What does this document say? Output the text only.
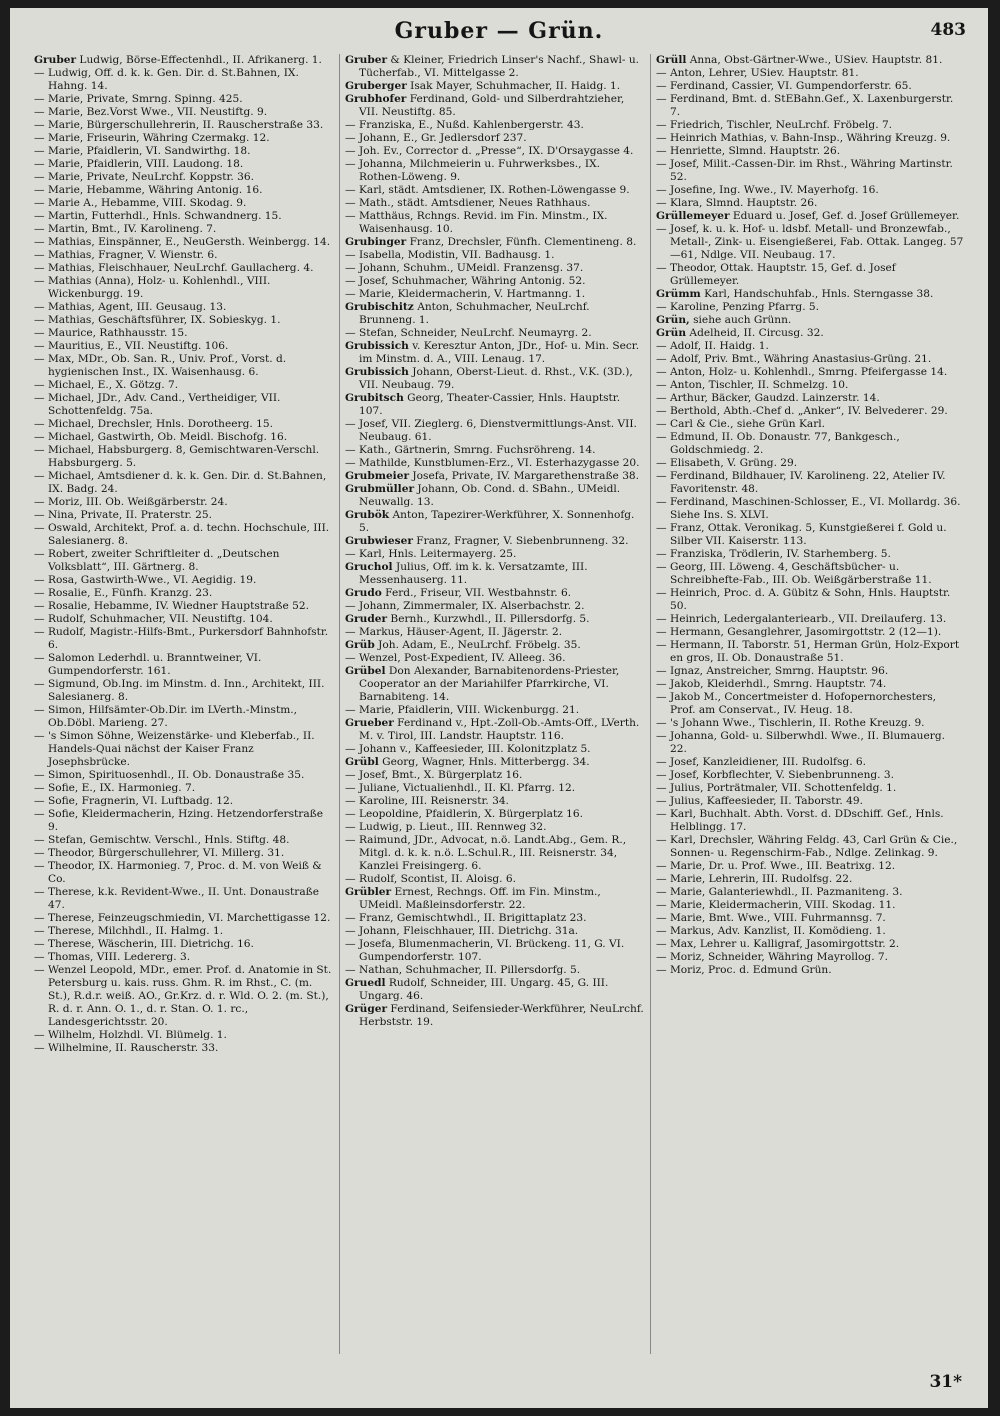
Gruber — Grün.	483

Gruber Ludwig, Börse-Effectenhdl., II. Afrikanerg. 1.

— Ludwig, Off. d. k. k. Gen. Dir. d. St.Bahnen, IX. Hahng. 14.

— Marie, Private, Smrng. Spinng. 425.

— Marie, Bez.Vorst Wwe., VII. Neustiftg. 9.

— Marie, Bürgerschullehrerin, II. Rauscherstraße 33.

— Marie, Friseurin, Währing Czermakg. 12.

— Marie, Pfaidlerin, VI. Sandwirthg. 18.

— Marie, Pfaidlerin, VIII. Laudong. 18.

— Marie, Private, NeuLrchf. Koppstr. 36.

— Marie, Hebamme, Währing Antonig. 16.

— Marie A., Hebamme, VIII. Skodag. 9.

— Martin, Futterhdl., Hnls. Schwandnerg. 15.

— Martin, Bmt., IV. Karolineng. 7.

— Mathias, Einspänner, E., NeuGersth. Weinbergg. 14.

— Mathias, Fragner, V. Wienstr. 6.

— Mathias, Fleischhauer, NeuLrchf. Gaullacherg. 4.

— Mathias (Anna), Holz- u. Kohlenhdl., VIII. Wickenburgg. 19.

— Mathias, Agent, III. Geusaug. 13.

— Mathias, Geschäftsführer, IX. Sobieskyg. 1.

— Maurice, Rathhausstr. 15.

— Mauritius, E., VII. Neustiftg. 106.

— Max, MDr., Ob. San. R., Univ. Prof., Vorst. d. hygienischen Inst., IX. Waisenhausg. 6.

— Michael, E., X. Götzg. 7.

— Michael, JDr., Adv. Cand., Vertheidiger, VII. Schottenfeldg. 75a.

— Michael, Drechsler, Hnls. Dorotheerg. 15.

— Michael, Gastwirth, Ob. Meidl. Bischofg. 16.

— Michael, Habsburgerg. 8, Gemischtwaren-Verschl. Habsburgerg. 5.

— Michael, Amtsdiener d. k. k. Gen. Dir. d. St.Bahnen, IX. Badg. 24.

— Moriz, III. Ob. Weißgärberstr. 24.

— Nina, Private, II. Praterstr. 25.

— Oswald, Architekt, Prof. a. d. techn. Hochschule, III. Salesianerg. 8.

— Robert, zweiter Schriftleiter d. „Deutschen Volksblatt“, III. Gärtnerg. 8.

— Rosa, Gastwirth-Wwe., VI. Aegidig. 19.

— Rosalie, E., Fünfh. Kranzg. 23.

— Rosalie, Hebamme, IV. Wiedner Hauptstraße 52.

— Rudolf, Schuhmacher, VII. Neustiftg. 104.

— Rudolf, Magistr.-Hilfs-Bmt., Purkersdorf Bahnhofstr. 6.

— Salomon Lederhdl. u. Branntweiner, VI. Gumpendorferstr. 161.

— Sigmund, Ob.Ing. im Minstm. d. Inn., Architekt, III. Salesianerg. 8.

— Simon, Hilfsämter-Ob.Dir. im LVerth.-Minstm., Ob.Döbl. Marieng. 27.

— 's Simon Söhne, Weizenstärke- und Kleberfab., II. Handels-Quai nächst der Kaiser Franz Josephsbrücke.

— Simon, Spirituosenhdl., II. Ob. Donaustraße 35.

— Sofie, E., IX. Harmonieg. 7.

— Sofie, Fragnerin, VI. Luftbadg. 12.

— Sofie, Kleidermacherin, Hzing. Hetzendorferstraße 9.

— Stefan, Gemischtw. Verschl., Hnls. Stiftg. 48.

— Theodor, Bürgerschullehrer, VI. Millerg. 31.

— Theodor, IX. Harmonieg. 7, Proc. d. M. von Weiß & Co.

— Therese, k.k. Revident-Wwe., II. Unt. Donaustraße 47.

— Therese, Feinzeugschmiedin, VI. Marchettigasse 12.

— Therese, Milchhdl., II. Halmg. 1.

— Therese, Wäscherin, III. Dietrichg. 16.

— Thomas, VIII. Ledererg. 3.

— Wenzel Leopold, MDr., emer. Prof. d. Anatomie in St. Petersburg u. kais. russ. Ghm. R. im Rhst., C. (m. St.), R.d.r. weiß. AO., Gr.Krz. d. r. Wld. O. 2. (m. St.), R. d. r. Ann. O. 1., d. r. Stan. O. 1. rc., Landesgerichtsstr. 20.

— Wilhelm, Holzhdl. VI. Blümelg. 1.

— Wilhelmine, II. Rauscherstr. 33.

Gruber & Kleiner, Friedrich Linser's Nachf., Shawl- u. Tücherfab., VI. Mittelgasse 2.

Gruberger Isak Mayer, Schuhmacher, II. Haidg. 1.

Grubhofer Ferdinand, Gold- und Silberdrahtzieher, VII. Neustiftg. 85.

— Franziska, E., Nußd. Kahlenbergerstr. 43.

— Johann, E., Gr. Jedlersdorf 237.

— Joh. Ev., Corrector d. „Presse“, IX. D'Orsaygasse 4.

— Johanna, Milchmeierin u. Fuhrwerksbes., IX. Rothen-Löweng. 9.

— Karl, städt. Amtsdiener, IX. Rothen-Löwengasse 9.

— Math., städt. Amtsdiener, Neues Rathhaus.

— Matthäus, Rchngs. Revid. im Fin. Minstm., IX. Waisenhausg. 10.

Grubinger Franz, Drechsler, Fünfh. Clementineng. 8.

— Isabella, Modistin, VII. Badhausg. 1.

— Johann, Schuhm., UMeidl. Franzensg. 37.

— Josef, Schuhmacher, Währing Antonig. 52.

— Marie, Kleidermacherin, V. Hartmanng. 1.

Grubischitz Anton, Schuhmacher, NeuLrchf. Brunneng. 1.

— Stefan, Schneider, NeuLrchf. Neumayrg. 2.

Grubissich v. Keresztur Anton, JDr., Hof- u. Min. Secr. im Minstm. d. A., VIII. Lenaug. 17.

Grubissich Johann, Oberst-Lieut. d. Rhst., V.K. (3D.), VII. Neubaug. 79.

Grubitsch Georg, Theater-Cassier, Hnls. Hauptstr. 107.

— Josef, VII. Zieglerg. 6, Dienstvermittlungs-Anst. VII. Neubaug. 61.

— Kath., Gärtnerin, Smrng. Fuchsröhreng. 14.

— Mathilde, Kunstblumen-Erz., VI. Esterhazygasse 20.

Grubmeier Josefa, Private, IV. Margarethenstraße 38.

Grubmüller Johann, Ob. Cond. d. SBahn., UMeidl. Neuwallg. 13.

Grubök Anton, Tapezirer-Werkführer, X. Sonnenhofg. 5.

Grubwieser Franz, Fragner, V. Siebenbrunneng. 32.

— Karl, Hnls. Leitermayerg. 25.

Gruchol Julius, Off. im k. k. Versatzamte, III. Messenhauserg. 11.

Grudo Ferd., Friseur, VII. Westbahnstr. 6.

— Johann, Zimmermaler, IX. Alserbachstr. 2.

Gruder Bernh., Kurzwhdl., II. Pillersdorfg. 5.

— Markus, Häuser-Agent, II. Jägerstr. 2.

Grüb Joh. Adam, E., NeuLrchf. Fröbelg. 35.

— Wenzel, Post-Expedient, IV. Alleeg. 36.

Grübel Don Alexander, Barnabitenordens-Priester, Cooperator an der Mariahilfer Pfarrkirche, VI. Barnabiteng. 14.

— Marie, Pfaidlerin, VIII. Wickenburgg. 21.

Grueber Ferdinand v., Hpt.-Zoll-Ob.-Amts-Off., LVerth. M. v. Tirol, III. Landstr. Hauptstr. 116.

— Johann v., Kaffeesieder, III. Kolonitzplatz 5.

Grübl Georg, Wagner, Hnls. Mitterbergg. 34.

— Josef, Bmt., X. Bürgerplatz 16.

— Juliane, Victualienhdl., II. Kl. Pfarrg. 12.

— Karoline, III. Reisnerstr. 34.

— Leopoldine, Pfaidlerin, X. Bürgerplatz 16.

— Ludwig, p. Lieut., III. Rennweg 32.

— Raimund, JDr., Advocat, n.ö. Landt.Abg., Gem. R., Mitgl. d. k. k. n.ö. L.Schul.R., III. Reisnerstr. 34, Kanzlei Freisingerg. 6.

— Rudolf, Scontist, II. Aloisg. 6.

Grübler Ernest, Rechngs. Off. im Fin. Minstm., UMeidl. Maßleinsdorferstr. 22.

— Franz, Gemischtwhdl., II. Brigittaplatz 23.

— Johann, Fleischhauer, III. Dietrichg. 31a.

— Josefa, Blumenmacherin, VI. Brückeng. 11, G. VI. Gumpendorferstr. 107.

— Nathan, Schuhmacher, II. Pillersdorfg. 5.

Gruedl Rudolf, Schneider, III. Ungarg. 45, G. III. Ungarg. 46.

Grüger Ferdinand, Seifensieder-Werkführer, NeuLrchf. Herbststr. 19.

Grüll Anna, Obst-Gärtner-Wwe., USiev. Hauptstr. 81.

— Anton, Lehrer, USiev. Hauptstr. 81.

— Ferdinand, Cassier, VI. Gumpendorferstr. 65.

— Ferdinand, Bmt. d. StEBahn.Gef., X. Laxenburgerstr. 7.

— Friedrich, Tischler, NeuLrchf. Fröbelg. 7.

— Heinrich Mathias, v. Bahn-Insp., Währing Kreuzg. 9.

— Henriette, Slmnd. Hauptstr. 26.

— Josef, Milit.-Cassen-Dir. im Rhst., Währing Martinstr. 52.

— Josefine, Ing. Wwe., IV. Mayerhofg. 16.

— Klara, Slmnd. Hauptstr. 26.

Grüllemeyer Eduard u. Josef, Gef. d. Josef Grüllemeyer.

— Josef, k. u. k. Hof- u. ldsbf. Metall- und Bronzewfab., Metall-, Zink- u. Eisengießerei, Fab. Ottak. Langeg. 57—61, Ndlge. VII. Neubaug. 17.

— Theodor, Ottak. Hauptstr. 15, Gef. d. Josef Grüllemeyer.

Grümm Karl, Handschuhfab., Hnls. Sterngasse 38.

— Karoline, Penzing Pfarrg. 5.

Grün, siehe auch Grünn.

Grün Adelheid, II. Circusg. 32.

— Adolf, II. Haidg. 1.

— Adolf, Priv. Bmt., Währing Anastasius-Grüng. 21.

— Anton, Holz- u. Kohlenhdl., Smrng. Pfeifergasse 14.

— Anton, Tischler, II. Schmelzg. 10.

— Arthur, Bäcker, Gaudzd. Lainzerstr. 14.

— Berthold, Abth.-Chef d. „Anker“, IV. Belvederег. 29.

— Carl & Cie., siehe Grün Karl.

— Edmund, II. Ob. Donaustr. 77, Bankgesch., Goldschmiedg. 2.

— Elisabeth, V. Grüng. 29.

— Ferdinand, Bildhauer, IV. Karolineng. 22, Atelier IV. Favoritenstr. 48.

— Ferdinand, Maschinen-Schlosser, E., VI. Mollardg. 36. Siehe Ins. S. XLVI.

— Franz, Ottak. Veronikag. 5, Kunstgießerei f. Gold u. Silber VII. Kaiserstr. 113.

— Franziska, Trödlerin, IV. Starhemberg. 5.

— Georg, III. Löweng. 4, Geschäftsbücher- u. Schreibhefte-Fab., III. Ob. Weißgärberstraße 11.

— Heinrich, Proc. d. A. Gübitz & Sohn, Hnls. Hauptstr. 50.

— Heinrich, Ledergalanteriearb., VII. Dreilauferg. 13.

— Hermann, Gesanglehrer, Jasomirgottstr. 2 (12—1).

— Hermann, II. Taborstr. 51, Herman Grün, Holz-Export en gros, II. Ob. Donaustraße 51.

— Ignaz, Anstreicher, Smrng. Hauptstr. 96.

— Jakob, Kleiderhdl., Smrng. Hauptstr. 74.

— Jakob M., Concertmeister d. Hofopernorchesters, Prof. am Conservat., IV. Heug. 18.

— 's Johann Wwe., Tischlerin, II. Rothe Kreuzg. 9.

— Johanna, Gold- u. Silberwhdl. Wwe., II. Blumauerg. 22.

— Josef, Kanzleidiener, III. Rudolfsg. 6.

— Josef, Korbflechter, V. Siebenbrunneng. 3.

— Julius, Porträtmaler, VII. Schottenfeldg. 1.

— Julius, Kaffeesieder, II. Taborstr. 49.

— Karl, Buchhalt. Abth. Vorst. d. DDschiff. Gef., Hnls. Helblingg. 17.

— Karl, Drechsler, Währing Feldg. 43, Carl Grün & Cie., Sonnen- u. Regenschirm-Fab., Ndlge. Zelinkag. 9.

— Marie, Dr. u. Prof. Wwe., III. Beatrixg. 12.

— Marie, Lehrerin, III. Rudolfsg. 22.

— Marie, Galanteriewhdl., II. Pazmanitеng. 3.

— Marie, Kleidermacherin, VIII. Skodag. 11.

— Marie, Bmt. Wwe., VIII. Fuhrmannsg. 7.

— Markus, Adv. Kanzlist, II. Komödieng. 1.

— Max, Lehrer u. Kalligraf, Jasomirgottstr. 2.

— Moriz, Schneider, Währing Mayrollog. 7.

— Moriz, Proc. d. Edmund Grün.

31*
